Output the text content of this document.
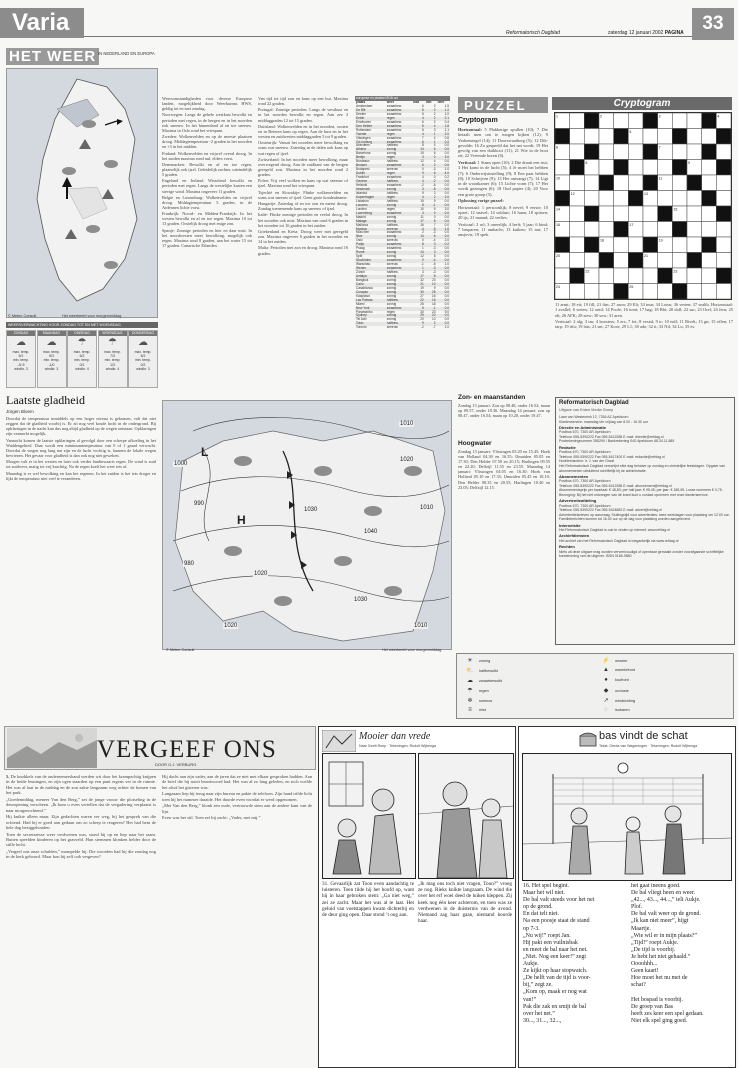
Varia	Reformatorisch Dagblad	zaterdag 12 januari 2002 PAGINA 33
HET WEER IN NEDERLAND EN EUROPA
© Meteo Consult	Het weerbeeld voor morgenmiddag
WEERSVERWACHTING VOOR ZONDAG TOT EN MET WOENSDAG
ZONDAG
☁
max. temp.
5/1
min. temp.
-3/-5
windkr. 3
MAANDAG
☁
max. temp.
5/3
min. temp.
-1/0
windkr. 3
DINSDAG
☂
max. temp.
6/2
min. temp.
0/1
windkr. 4
WOENSDAG
☂
max. temp.
7/3
min. temp.
1/3
windkr. 4
DONDERDAG
☁
max. temp.
6/2
min. temp.
0/2
windkr. 3
Laatste gladheid
Jürgen Bloem

Doordat de temperatuur inmiddels op een hoger niveau is gekomen, valt dat niet zeggen dat de gladheid voorbij is. Er zit nog veel koude lucht in de ondergrond. Bij opklaringen in de nacht kan dus nog altijd gladheid op de wegen ontstaan. Opklaringen zijn vannacht mogelijk.

Vannacht komen de laatste opklaringen al gevolgd door een scherpe afkoeling in het Waddengebied. Daar wordt een minimumtemperatuur van 0 of 1 graad verwacht. Doordat de wegen nog lang nat zijn en de lucht vochtig is, kunnen de lokale wegen bevriezen. Het gevaar voor gladheid is dan ook nog niet geweken.

Morgen valt er in het westen en later ook verder landinwaarts regen. De wind is zuid tot zuidwest, matig tot vrij krachtig. Na de regen koelt het weer iets af.

Maandag is er wel bewolking en kan het regenen. In het zuiden is het iets droger en lijkt de temperatuur niet veel te veranderen.

Weersomstandigheden voor diverse Europese landen, mogelijkheid door Weerbureau HWS, geldig tot en met zondag.

Noorwegen: Langs de gehele westkust bewolkt en perioden met regen, in de bergen en in het noorden ook sneeuw. In het binnenland af en toe sneeuw. Maxima in Oslo rond het vriespunt.

Zweden: Wolkenvelden en op de meeste plaatsen droog. Middagtemperatuur -2 graden in het noorden en +3 in het midden.

Finland: Wolkenvelden en vrijwel overal droog. In het zuiden maxima rond nul, elders vorst.

Denemarken: Bewolkt en af en toe regen, plaatselijk ook ijzel. Geleidelijk zachter, uiteindelijk 5 graden.

Engeland en Ierland: Wisselend bewolkt en perioden met regen. Langs de westelijke kusten een stevige wind. Maxima ongeveer 11 graden.

België en Luxemburg: Wolkenvelden en vrijwel droog. Middagtemperatuur 5 graden, in de Ardennen lichte vorst.

Frankrijk: Noord- en Midden-Frankrijk: In het westen bewolkt en af en toe regen. Maxima 10 tot 13 graden. Oostelijk droog met enige zon.

Spanje: Zonnige perioden en hier en daar mist. In het noordwesten meer bewolking, mogelijk ook regen. Maxima rond 8 graden, aan het water 15 tot 17 graden. Canarische Eilanden.

Van tijd tot tijd zon en kans op een bui. Maxima rond 22 graden.

Portugal: Zonnige perioden. Langs de westkust en in het noorden bewolkt en regen. Aan zee 3 middaggraden 12 tot 15 graden.

Duitsland: Wolkenvelden en in het noorden, oosten en in Beieren kans op regen. Aan de kust en in het westen en zuidwesten middaggraden 5 tot 9 graden.

Oostenrijk: Vanuit het noorden meer bewolking en soms wat sneeuw. Zaterdag in de dalen ook kans op wat regen of ijzel.

Zwitserland: In het noorden meer bewolking, maar overwegend droog. Aan de zuidkant van de bergen geregeld zon. Maxima in het noorden rond 2 graden.

Polen: Vrij veel wolken en kans op wat sneeuw of ijzel. Maxima rond het vriespunt.

Tsjechië en Slowakije: Flinke wolkenvelden en soms wat sneeuw of ijzel. Geen grote koudeafname.

Hongarije: Zaterdag af en toe zon en meest droog. Zondag toenemende kans op sneeuw of ijzel.

Italië: Flinke zonnige perioden en veelal droog. In het noorden ook mist. Maxima van rond 6 graden in het noorden tot 16 graden in het zuiden.

Griekenland en Kreta: Droog weer met geregeld zon. Maxima ongeveer 6 graden in het noorden en 14 in het zuiden.

Malta: Perioden met zon en droog. Maxima rond 16 graden.

europese en plaatsel 8/18 uur
plaats	weer	max	min	neer
Amsterdam	zwaarbew.	6	3	1.5
De Bilt	zwaarbew.	5	2	1.2
Deelen	zwaarbew.	5	2	1.0
Eelde	regen	4	2	2.1
Eindhoven	zwaarbew.	6	2	0.4
Den Helder	zwaarbew.	5	4	1.8
Rotterdam	zwaarbew.	6	3	1.1
Twente	regen	4	1	2.0
Vlissingen	zwaarbew.	7	4	0.6
Zd.Limburg	zwaarbew.	6	1	0.2
Aberdeen	halfbew.	8	4	0.0
Athene	zonnig	14	6	0.0
Barcelona	zonnig	15	6	0.0
Berlijn	regen	3	0	3.0
Bordeaux	halfbew.	12	4	0.0
Brussel	zwaarbew.	6	2	0.6
Budapest	sneeuw	0	-3	1.0
Dublin	regen	9	6	4.0
Frankfort	zwaarbew.	4	0	0.2
Genève	halfbew.	4	-2	0.0
Helsinki	zwaarbew.	-2	-6	0.0
Innsbruck	zonnig	3	-5	0.0
Istanbul	halfbew.	9	3	0.0
Kopenhagen	regen	4	2	2.0
Lissabon	halfbew.	15	9	0.0
Locarno	zonnig	8	-1	0.0
Londen	regen	10	5	3.0
Luxemburg	zwaarbew.	3	0	0.0
Madrid	zonnig	11	0	0.0
Malaga	zonnig	17	8	0.0
Mallorca	halfbew.	16	7	0.0
Moskou	sneeuw	-4	-9	1.0
München	zwaarbew.	2	-3	0.0
Nice	zonnig	14	6	0.0
Oslo	sneeuw	0	-4	2.0
Parijs	zwaarbew.	8	3	0.2
Praag	zwaarbew.	1	-3	0.0
Rome	zonnig	14	3	0.0
Split	zonnig	12	5	0.0
Stockholm	zwaarbew.	0	-4	0.0
Warschau	sneeuw	-1	-5	1.0
Wenen	zwaarbew.	1	-3	0.0
Zürich	halfbew.	3	-3	0.0
Antalya	zonnig	17	8	0.0
Bangkok	zonnig	32	23	0.0
Cairo	zonnig	21	10	0.0
Casablanca	zonnig	19	9	0.0
Curaçao	zonnig	30	25	0.0
Kaapstad	zonnig	27	16	0.0
Las Palmas	halfbew.	22	16	0.0
Miami	zonnig	26	18	0.0
New York	zwaarbew.	5	-1	0.0
Paramaribo	regen	30	23	9.0
Sydney	zonnig	29	20	0.0
Tel Aviv	zonnig	20	10	0.0
Tokio	halfbew.	9	2	0.0
Toronto	sneeuw	-2	-7	1.0
1010
1020
990
980
1030
1040
1020
1030
1000
1010
1020	1010
L
H
© Meteo Consult	Het weerbeeld voor morgenmiddag
PUZZEL	Cryptogram
Cryptogram

Horizontaal: 5 Plakkerige spullen (10); 7 Die betaalt men om te mogen kijken (12); 9 Varkenstegel (14); 11 Doorzwaaiborg (5); 12 Dik-gevulde; 16 Zo gespeeld dat het nat wordt; 19 Het gevolg van een duikboot (11); 21 Wie in de boot zit; 22 Vreemde koren (6).

Verticaal: 1 Staan open (10); 2 Die draait een trui; 3 Het komt in de lucht (5); 4 Je moet het hebben (7); 6 Onderwijsinstelling (9); 8 Een paar hebben (8); 10 Schrijven (9); 13 Het ontvangt (7); 14 Ligt in de woonkamer (6); 15 Lichte vorm (7); 17 Het wordt gezongen (6); 18 Oud papier (4); 20 Voor een grote groep (5).

Oplossing vorige puzzel:

Horizontaal: 1 persoonlijk; 8 nevel; 9 eerste; 10 opzet; 12 snavel; 14 soldaat; 16 haan; 18 spitsen; 20 ijs; 21 maand; 22 verlies.

Verticaal: 2 rol; 3 oneerlijk; 4 leeft; 5 jaar; 6 kind; 7 besparen; 11 ambacht; 13 kuiken; 15 ton; 17 ansjovis; 19 spek.

1	2	3	4
5
6	7
8	9
10	11
12	13
14	15
16	17
18	19
20	21
22	23
24	25

11 armt; 18 eit; 19 fill; 21 fitn; 27 ason; 29 Eli; 33 inur; 34 Lotus; 36 verten; 37 sealib. Horizontaal: 1 avallel; 6 weten; 12 ontd; 14 Poole; 16 tomi; 17 bag; 18 Rbt; 20 doll; 22 sur; 23 Orel; 24 fern; 25 elt; 26 AFK; 28 stew; 30 sow; 31 aren.

Verticaal: 2 alg; 3 tas; 4 boosters; 5 ers; 7 fot; 8 vestal; 9 ir; 10 enll; 11 Rivek; 13 gn; 15 offen; 17 tarp; 19 tifu; 19 lats; 21 snt; 27 Koor; 29 L1; 30 ado; 32 tt; 33 Nil; 34 Lu; 35 es.

Zon- en maanstanden
Zondag 13 januari: Zon op 08.48, onder 16.52; maan op 09.57, onder 18.36. Maandag 14 januari: zon op 08.47, onder 16.54; maan op 10.20, onder 19.47.
Hoogwater
Zondag 13 januari: Vlissingen 03.20 en 15.45; Hoek van Holland 04.30 en 16.55; IJmuiden 05.05 en 17.30; Den Helder 07.50 en 20.15; Harlingen 09.55 en 22.20; Delfzijl 11.35 en 23.55. Maandag 14 januari: Vlissingen 04.05 en 16.30; Hoek van Holland 05.10 en 17.35; IJmuiden 05.45 en 18.10; Den Helder 08.35 en 20.55; Harlingen 10.40 en 23.05; Delfzijl 12.15.
Reformatorisch Dagblad
Uitgave van Erdee Media Groep
Laan van Westenenk 12, 7336 AZ Apeldoorn
Klantenservice: maandag t/m vrijdag van 8.00 - 16.30 uur
Directie en Administratie
Postbus 670, 7300 AR Apeldoorn
Telefoon 055-5390222 Fax 055-5412288 E-mail: directie@refdag.nl
Postrekeningnummer 285290 / Bankrekening ING Apeldoorn 68.34.11.885
Redactie
Postbus 670, 7300 AR Apeldoorn
Telefoon 055-5390222 Fax 055-5417400 E-mail: redactie@refdag.nl
Hoofdredacteur: ir. J. van der Graaf
Het Reformatorisch Dagblad verschijnt elke dag behalve op zondag en christelijke feestdagen. Opgave van abonnementen uitsluitend schriftelijk bij de administratie.
Abonnementen
Postbus 670, 7300 AR Apeldoorn
Telefoon 055-5390222 Fax 055-5412288 E-mail: abonnement@refdag.nl
Abonnementsprijs per kwartaal: € 48,80; per half jaar: € 95,45; per jaar: € 185,95. Losse nummers € 0,75.
Bezorging: Bij het niet ontvangen van de krant kunt u contact opnemen met onze klantenservice.
Advertentieafdeling
Postbus 670, 7300 AR Apeldoorn
Telefoon 055-5390222 Fax 055-5424882 E-mail: advert@refdag.nl
Advertentietarieven op aanvraag. Sluitingstijd voor advertenties: twee werkdagen voor plaatsing om 12.00 uur.
Familieberichten kunnen tot 16.00 uur op de dag voor plaatsing worden aangeleverd.
Internetsite
Het Reformatorisch Dagblad is ook te vinden op internet: www.refdag.nl
Archiefdiensten
Het archief van het Reformatorisch Dagblad is toegankelijk via www.refdag.nl
Rechten
Niets uit deze uitgave mag worden verveelvoudigd of openbaar gemaakt zonder voorafgaande schriftelijke toestemming van de uitgever. ISSN 0165-9880
☀ zonnig
⛅ halfbewolkt
☁ zwaarbewolkt
☂ regen
❄ sneeuw
≡ mist
⚡ onweer
▲ warmtefront
● koufront
◆ occlusie
↗ windrichting
◌ isobaren
VERGEEF ONS
DOOR G.J. VERBURG

5. De knokkels van de ondernemershand werden wit door het krampachtig knijpen in de beide leuningen, en zijn ogen staarden op een punt ergens ver in de ruimte. Het was al laat in de middag en de zon zakte langzaam weg achter de bomen van het park.

„Goedemiddag, meneer Van den Berg,” zei de jonge vrouw die plotseling in de deuropening verscheen. „Ik kom u even vertellen dat de vergadering verplaatst is naar morgenochtend.”

Hij knikte alleen maar. Zijn gedachten waren ver weg, bij het gesprek van die ochtend. Had hij er goed aan gedaan om zo scherp te reageren? Het had hem de hele dag beziggehouden.

Toen de secretaresse weer verdwenen was, stond hij op en liep naar het raam. Buiten speelden kinderen op het grasveld. Hun stemmen klonken helder door de stille lucht.

„Vergeef ons onze schulden,” mompelde hij. Die woorden had hij die zondag nog in de kerk gehoord. Maar kon hij zelf ook vergeven?

Hij dacht aan zijn vader, aan de jaren dat ze niet met elkaar gesproken hadden. Aan de brief die hij nooit beantwoord had. Het was al zo lang geleden, en toch voelde het alsof het gisteren was.

Langzaam liep hij terug naar zijn bureau en pakte de telefoon. Zijn hand trilde licht toen hij het nummer draaide. Het duurde even voordat er werd opgenomen.

„Met Van den Berg,” klonk een oude, vertrouwde stem aan de andere kant van de lijn.

Even was het stil. Toen zei hij zacht: „Vader, met mij.”

Mooier dan vrede
Naar Geeft Roep · Tekeningen: Rudolf Wijbenga
31. Gevaarlijk zat Toon even aandachtig te luisteren. Toen tilde hij het hoofd op, want hij in haar gebroken stem: „Ga niet weg,” zei ze zacht. Maar het was al te laat. Het geluid van voetstappen kwam dichterbij en de deur ging open. Daar stond ’t oog aan.
„Ik mag ons toch niet vragen, Toon?” vroeg ze nog. Rieks knikte langzaam. De wind die over het erf woei deed de luiken kleppen. Zij keek nog één keer achterom, en toen was ze verdwenen in de duisternis van de avond. Niemand zag haar gaan, niemand hoorde haar.
bas vindt de schat
Tekst: Gerda van Wageningen · Tekeningen: Rudolf Wijbenga
16. Het spel begint.
Maar het wil niet.
De bal valt steeds voor het net
op de grond.
En dat telt niet.
Na een poosje staat de stand
op 7-3.
„Nu wij!” roept Jan.
Hij pakt een vuilnisbak
en meet de bal naar het net.
„Niet. Nog een keer!” zegt
Aukje.
Ze kijkt op haar stopwatch.
„De helft van de tijd is voor-
bij,” zegt ze.
„Kom op, maak er nog wat
van!”
Pak die zak en smijt de bal
over het net.”
30..., 31..., 32...,
het gaat ineens goed.
De bal vliegt heen en weer.
„42..., 43..., 44...,” telt Aukje.
Plof.
De bal valt weer op de grond.
„Ik kan niet meer”, hijgt
Maartje.
„Wie wil er in mijn plaats?”
„Tijd!” roept Aukje.
„De tijd is voorbij.
Je hebt het niet gehaald.”
Oooohhh...
Geen kaart!
Hoe moet het nu met de
schat?
Het bospad is voorbij.
De groep van Bas
heeft zes keer een spel gedaan.
Niet elk spel ging goed.
